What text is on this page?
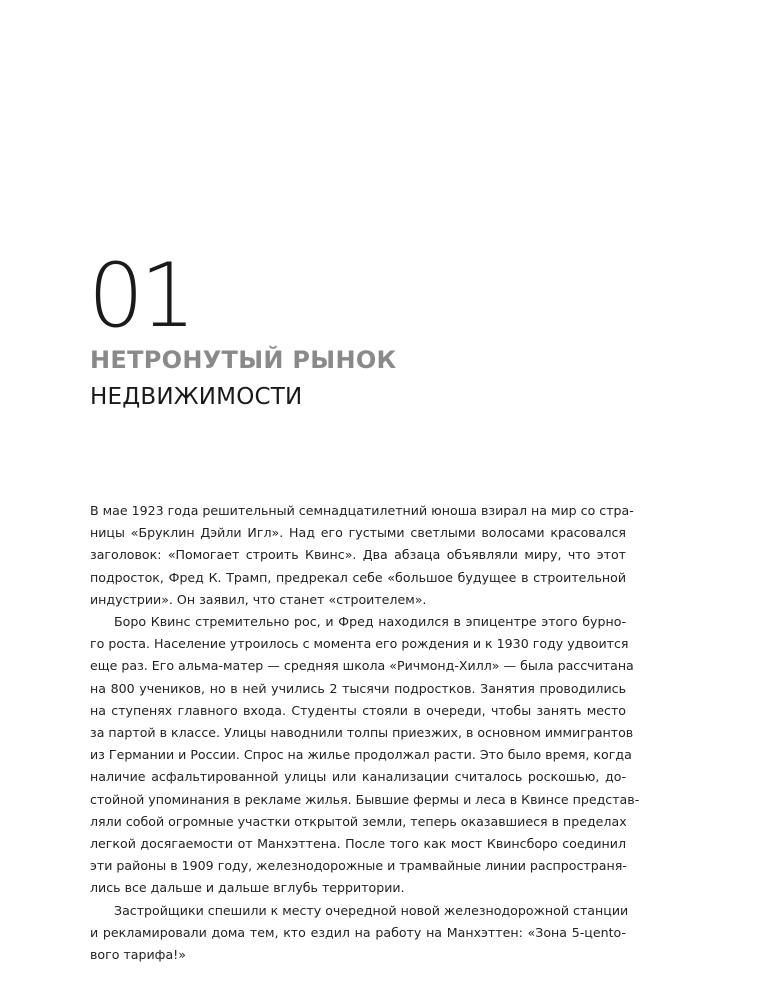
01
НЕТРОНУТЫЙ РЫНОК
НЕДВИЖИМОСТИ
В мае 1923 года решительный семнадцатилетний юноша взирал на мир со стра-
ницы «Бруклин Дэйли Игл». Над его густыми светлыми волосами красовался
заголовок: «Помогает строить Квинс». Два абзаца объявляли миру, что этот
подросток, Фред К. Трамп, предрекал себе «большое будущее в строительной
индустрии». Он заявил, что станет «строителем».
Боро Квинс стремительно рос, и Фред находился в эпицентре этого бурно-
го роста. Население утроилось с момента его рождения и к 1930 году удвоится
еще раз. Его альма-матер — средняя школа «Ричмонд-Хилл» — была рассчитана
на 800 учеников, но в ней учились 2 тысячи подростков. Занятия проводились
на ступенях главного входа. Студенты стояли в очереди, чтобы занять место
за партой в классе. Улицы наводнили толпы приезжих, в основном иммигрантов
из Германии и России. Спрос на жилье продолжал расти. Это было время, когда
наличие асфальтированной улицы или канализации считалось роскошью, до-
стойной упоминания в рекламе жилья. Бывшие фермы и леса в Квинсе представ-
ляли собой огромные участки открытой земли, теперь оказавшиеся в пределах
легкой досягаемости от Манхэттена. После того как мост Квинсборо соединил
эти районы в 1909 году, железнодорожные и трамвайные линии распространя-
лись все дальше и дальше вглубь территории.
Застройщики спешили к месту очередной новой железнодорожной станции
и рекламировали дома тем, кто ездил на работу на Манхэттен: «Зона 5-цento-
вого тарифа!»
